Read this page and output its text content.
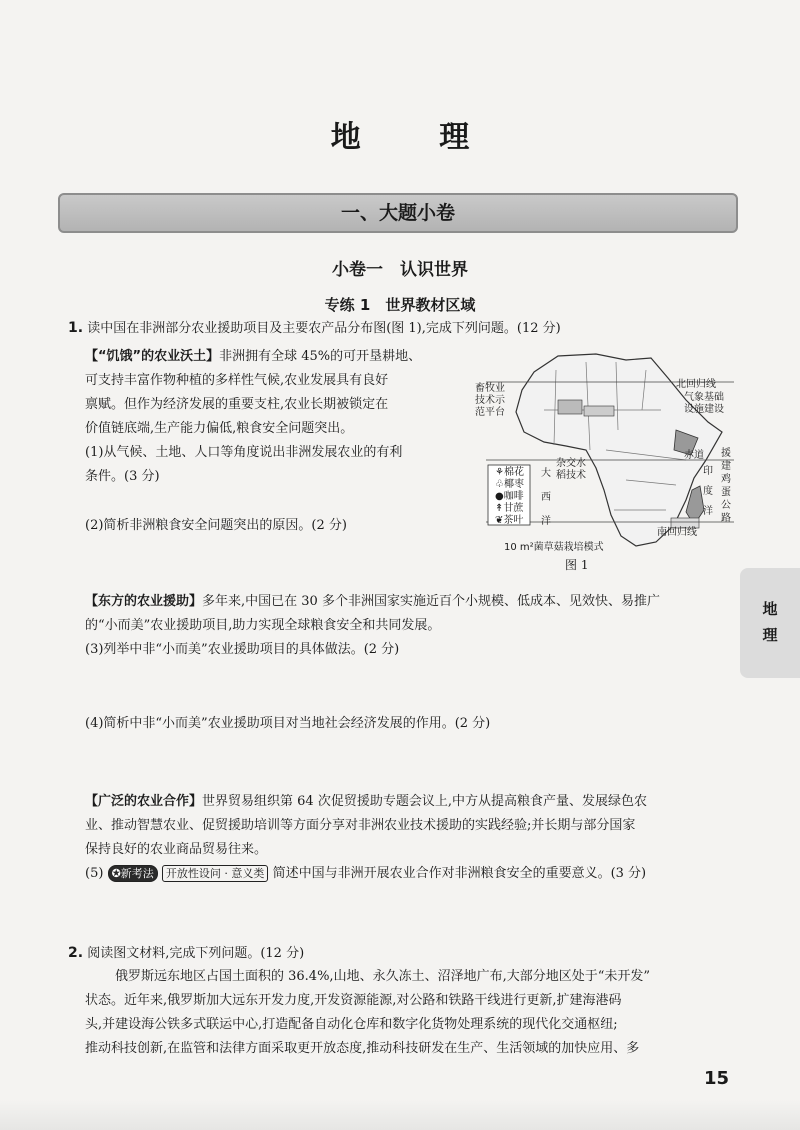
地 理
一、大题小卷
小卷一　认识世界
专练 1　世界教材区域
1. 读中国在非洲部分农业援助项目及主要农产品分布图(图 1),完成下列问题。(12 分)
【“饥饿”的农业沃土】非洲拥有全球 45%的可开垦耕地、
可支持丰富作物种植的多样性气候,农业发展具有良好
禀赋。但作为经济发展的重要支柱,农业长期被锁定在
价值链底端,生产能力偏低,粮食安全问题突出。
(1)从气候、土地、人口等角度说出非洲发展农业的有利
条件。(3 分)
(2)简析非洲粮食安全问题突出的原因。(2 分)
畜牧业
技术示
范平台
北回归线
气象基础
设施建设
赤道
杂交水
稻技术
大
西
洋
印
度
洋
援
建
鸡
蛋
公
路
南回归线
10 m²菌草菇栽培模式
⚘棉花
♧椰枣
●咖啡
↟甘蔗
❦茶叶
图 1
【东方的农业援助】多年来,中国已在 30 多个非洲国家实施近百个小规模、低成本、见效快、易推广
的“小而美”农业援助项目,助力实现全球粮食安全和共同发展。
(3)列举中非“小而美”农业援助项目的具体做法。(2 分)
(4)简析中非“小而美”农业援助项目对当地社会经济发展的作用。(2 分)
【广泛的农业合作】世界贸易组织第 64 次促贸援助专题会议上,中方从提高粮食产量、发展绿色农
业、推动智慧农业、促贸援助培训等方面分享对非洲农业技术援助的实践经验;并长期与部分国家
保持良好的农业商品贸易往来。
(5) ✪新考法 开放性设问 · 意义类 简述中国与非洲开展农业合作对非洲粮食安全的重要意义。(3 分)
2. 阅读图文材料,完成下列问题。(12 分)
俄罗斯远东地区占国土面积的 36.4%,山地、永久冻土、沼泽地广布,大部分地区处于“未开发”
状态。近年来,俄罗斯加大远东开发力度,开发资源能源,对公路和铁路干线进行更新,扩建海港码
头,并建设海公铁多式联运中心,打造配备自动化仓库和数字化货物处理系统的现代化交通枢纽;
推动科技创新,在监管和法律方面采取更开放态度,推动科技研发在生产、生活领域的加快应用、多
地
理
15
